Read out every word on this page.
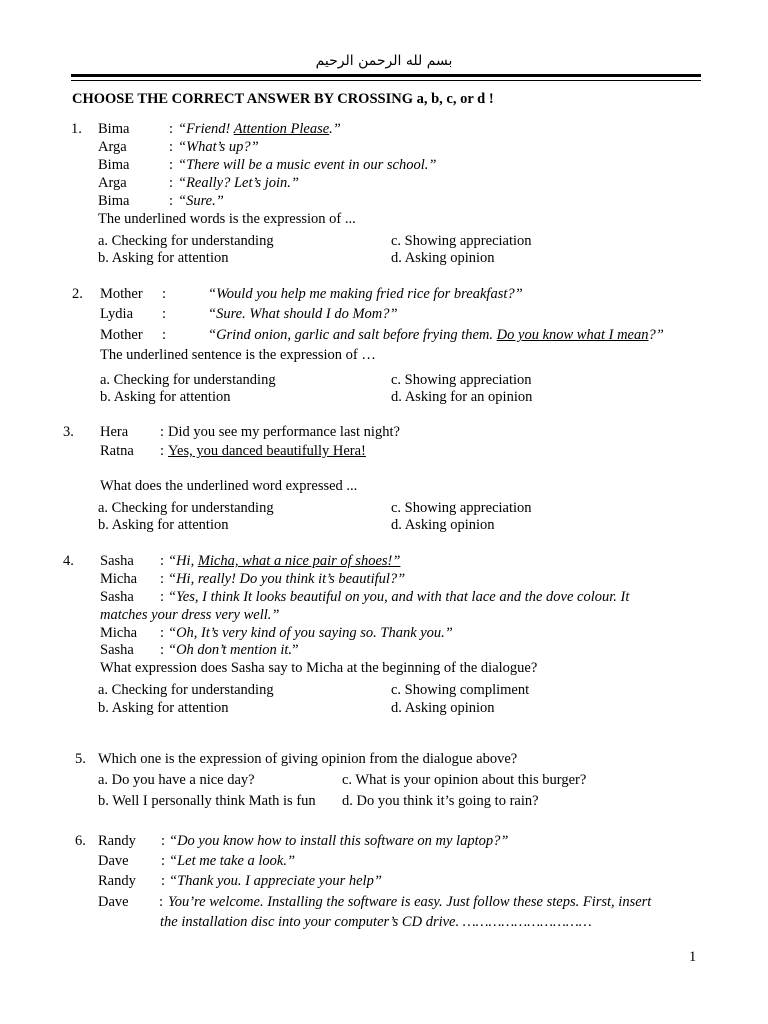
بسم لله الرحمن الرحيم
CHOOSE THE CORRECT ANSWER BY CROSSING a, b, c, or d !
1. Bima	: “Friend! Attention Please.”
Arga	: “What’s up?”
Bima	: “There will be a music event in our school.”
Arga	: “Really? Let’s join.”
Bima	: “Sure.”
The underlined words is the expression of ...
a. Checking for understanding	c. Showing appreciation
b. Asking for attention	d. Asking opinion
2. Mother :	“Would you help me making fried rice for breakfast?”
Lydia :	“Sure. What should I do Mom?”
Mother :	“Grind onion, garlic and salt before frying them. Do you know what I mean?”
The underlined sentence is the expression of …
a. Checking for understanding	c. Showing appreciation
b. Asking for attention	d. Asking for an opinion
3. Hera : Did you see my performance last night?
Ratna : Yes, you danced beautifully Hera!
What does the underlined word expressed ...
a. Checking for understanding	c. Showing appreciation
b. Asking for attention	d. Asking opinion
4. Sasha : “Hi, Micha, what a nice pair of shoes!”
Micha : “Hi, really! Do you think it’s beautiful?”
Sasha : “Yes, I think It looks beautiful on you, and with that lace and the dove colour. It
matches your dress very well.”
Micha : “Oh, It’s very kind of you saying so. Thank you.”
Sasha : “Oh don’t mention it.”
What expression does Sasha say to Micha at the beginning of the dialogue?
a. Checking for understanding	c. Showing compliment
b. Asking for attention	d. Asking opinion
5. Which one is the expression of giving opinion from the dialogue above?
a. Do you have a nice day?	c. What is your opinion about this burger?
b. Well I personally think Math is fun d. Do you think it’s going to rain?
6. Randy : “Do you know how to install this software on my laptop?”
Dave : “Let me take a look.”
Randy : “Thank you. I appreciate your help”
Dave : You’re welcome. Installing the software is easy. Just follow these steps. First, insert
the installation disc into your computer’s CD drive. …………………………
1
